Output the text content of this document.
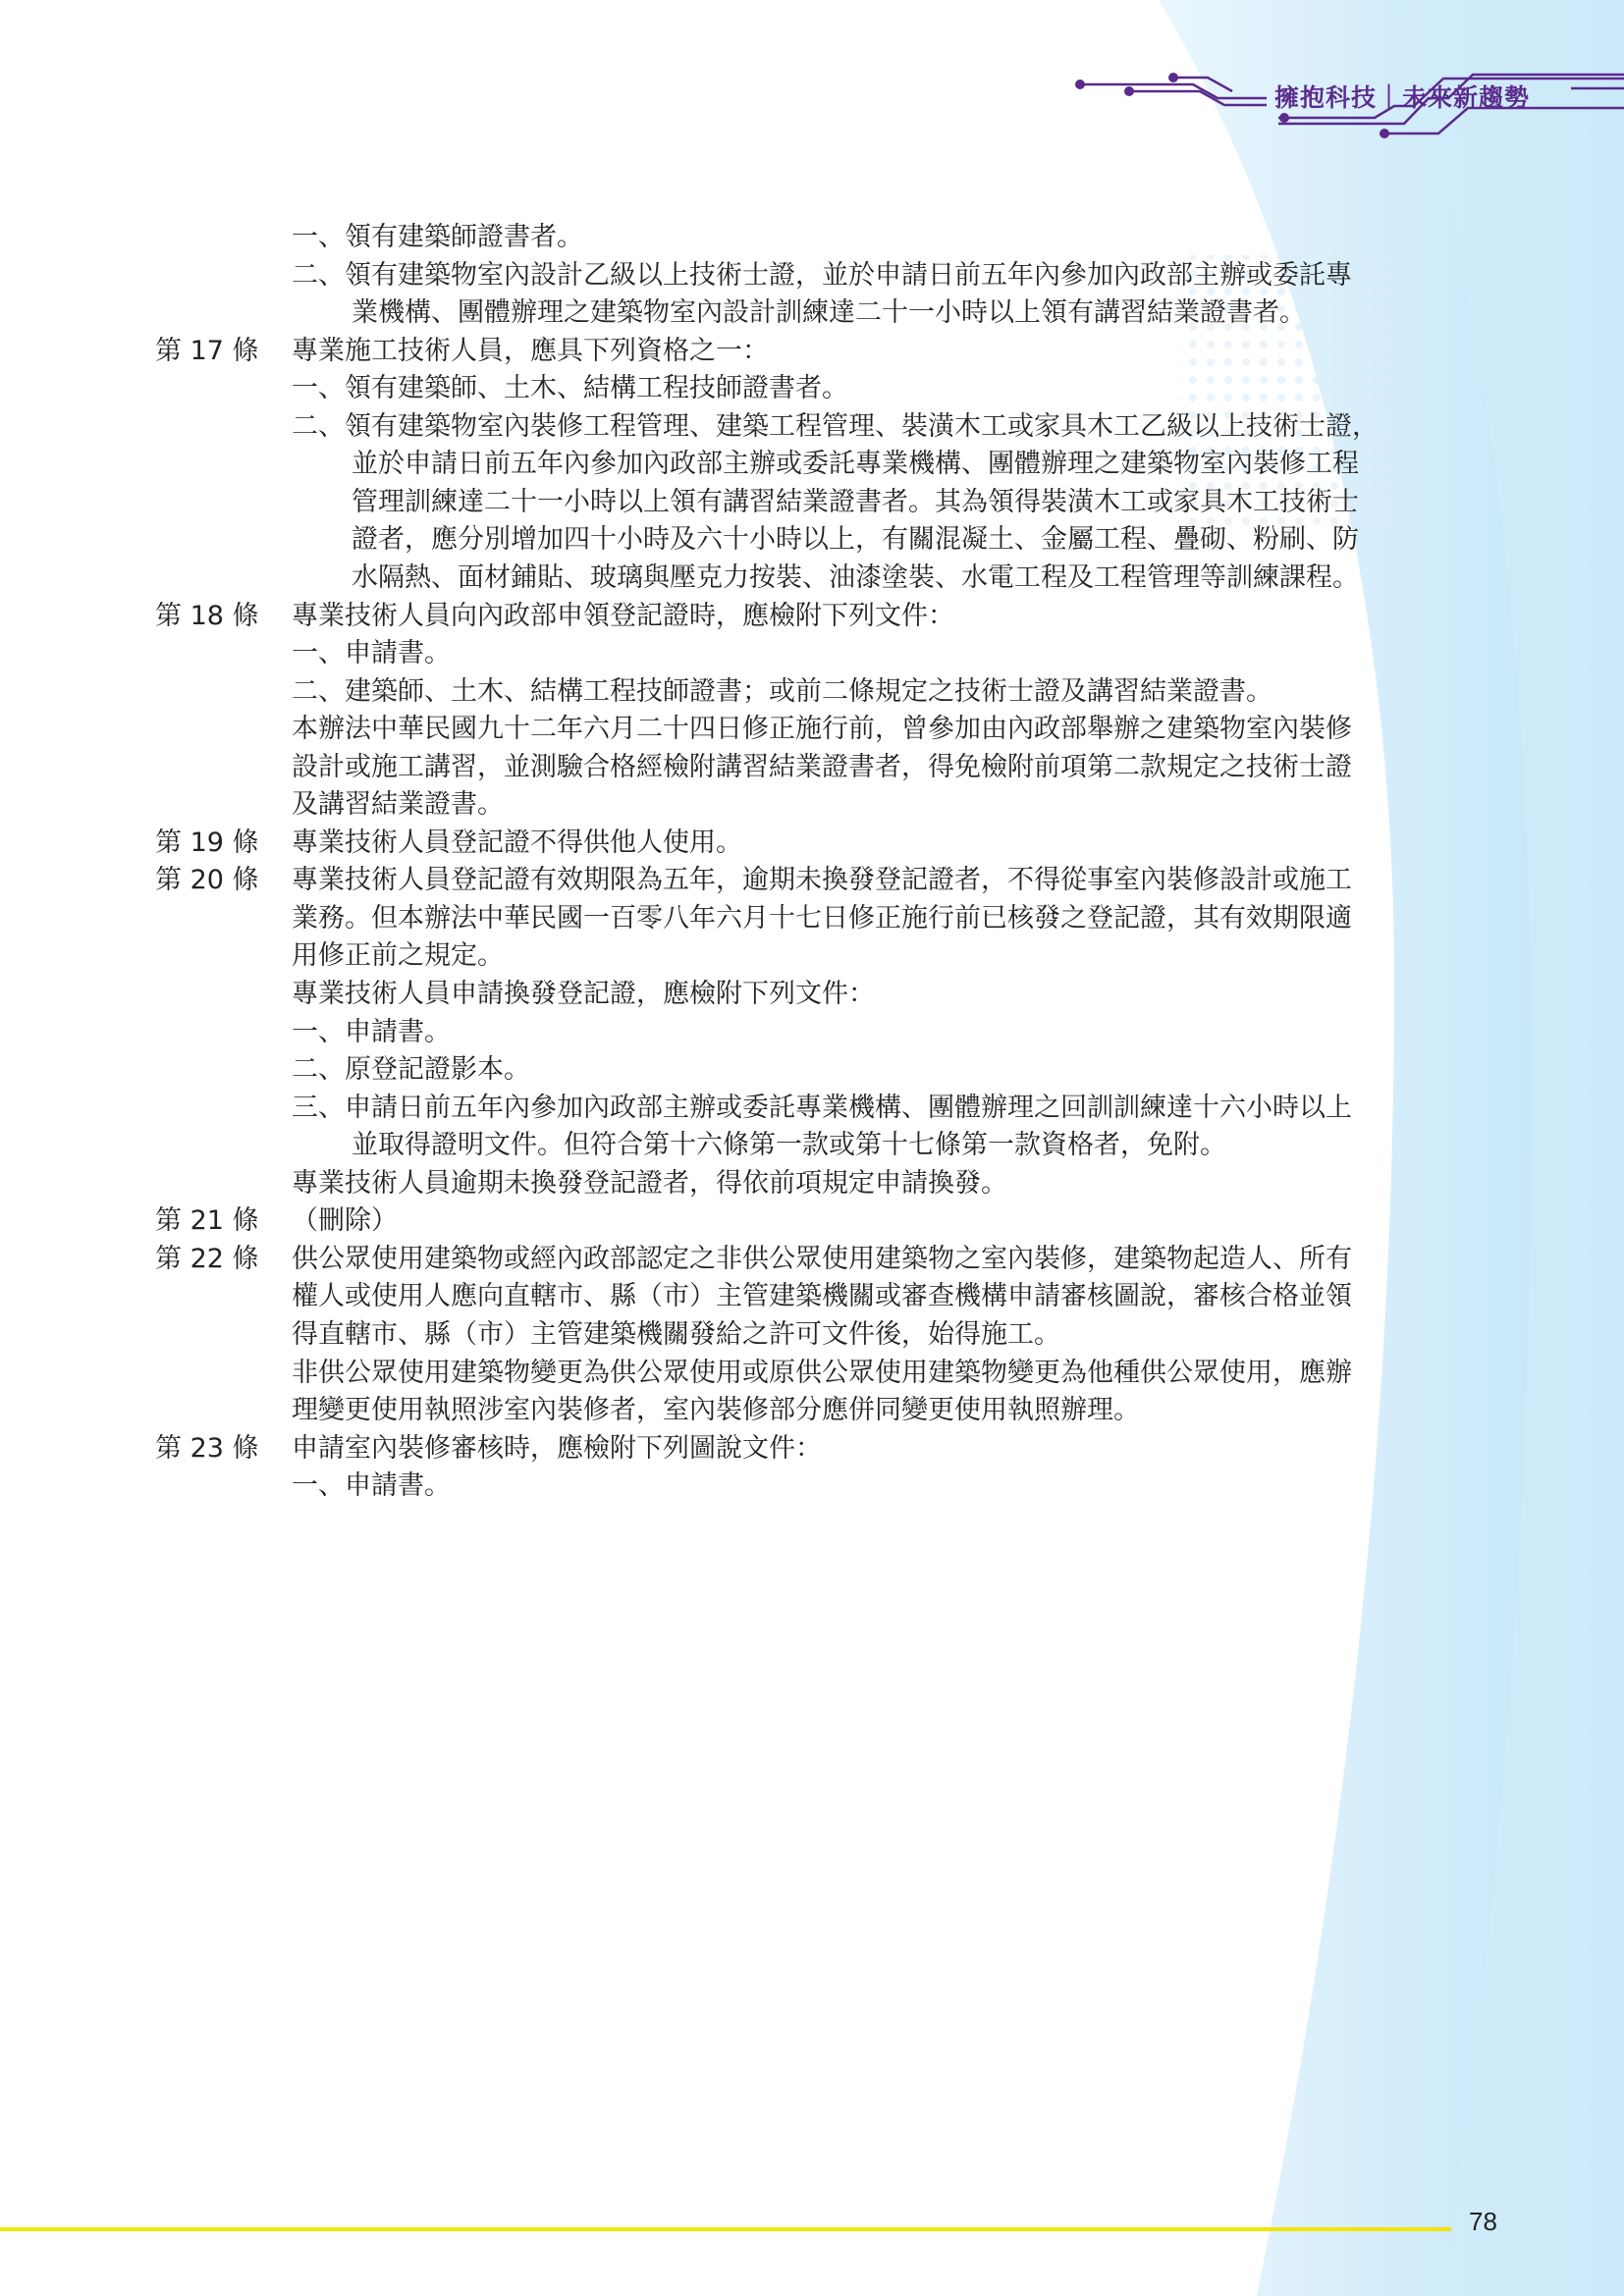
擁抱科技｜未來新趨勢
一、領有建築師證書者。
二、領有建築物室內設計乙級以上技術士證，並於申請日前五年內參加內政部主辦或委託專
業機構、團體辦理之建築物室內設計訓練達二十一小時以上領有講習結業證書者。
第 17 條 專業施工技術人員，應具下列資格之一：
一、領有建築師、土木、結構工程技師證書者。
二、領有建築物室內裝修工程管理、建築工程管理、裝潢木工或家具木工乙級以上技術士證，
並於申請日前五年內參加內政部主辦或委託專業機構、團體辦理之建築物室內裝修工程
管理訓練達二十一小時以上領有講習結業證書者。其為領得裝潢木工或家具木工技術士
證者，應分別增加四十小時及六十小時以上，有關混凝土、金屬工程、疊砌、粉刷、防
水隔熱、面材鋪貼、玻璃與壓克力按裝、油漆塗裝、水電工程及工程管理等訓練課程。
第 18 條 專業技術人員向內政部申領登記證時，應檢附下列文件：
一、申請書。
二、建築師、土木、結構工程技師證書；或前二條規定之技術士證及講習結業證書。
本辦法中華民國九十二年六月二十四日修正施行前，曾參加由內政部舉辦之建築物室內裝修
設計或施工講習，並測驗合格經檢附講習結業證書者，得免檢附前項第二款規定之技術士證
及講習結業證書。
第 19 條 專業技術人員登記證不得供他人使用。
第 20 條 專業技術人員登記證有效期限為五年，逾期未換發登記證者，不得從事室內裝修設計或施工
業務。但本辦法中華民國一百零八年六月十七日修正施行前已核發之登記證，其有效期限適
用修正前之規定。
專業技術人員申請換發登記證，應檢附下列文件：
一、申請書。
二、原登記證影本。
三、申請日前五年內參加內政部主辦或委託專業機構、團體辦理之回訓訓練達十六小時以上
並取得證明文件。但符合第十六條第一款或第十七條第一款資格者，免附。
專業技術人員逾期未換發登記證者，得依前項規定申請換發。
第 21 條 （刪除）
第 22 條 供公眾使用建築物或經內政部認定之非供公眾使用建築物之室內裝修，建築物起造人、所有
權人或使用人應向直轄市、縣（市）主管建築機關或審查機構申請審核圖說，審核合格並領
得直轄市、縣（市）主管建築機關發給之許可文件後，始得施工。
非供公眾使用建築物變更為供公眾使用或原供公眾使用建築物變更為他種供公眾使用，應辦
理變更使用執照涉室內裝修者，室內裝修部分應併同變更使用執照辦理。
第 23 條 申請室內裝修審核時，應檢附下列圖說文件：
一、申請書。
78
